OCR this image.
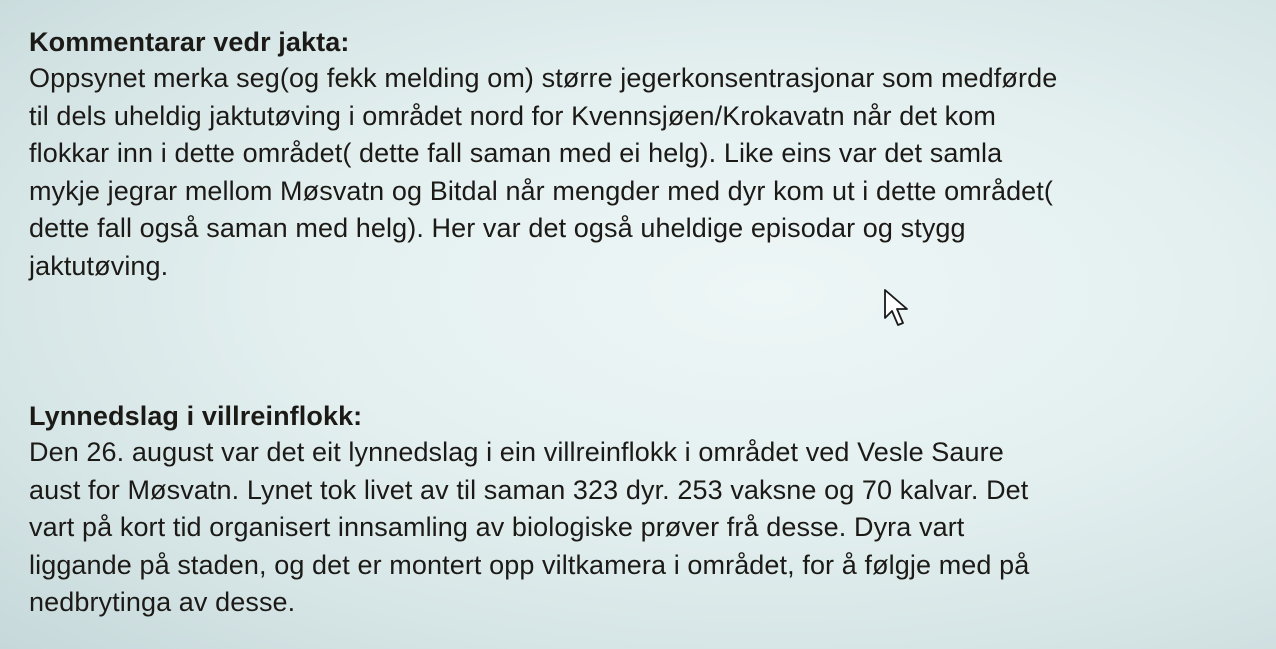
Kommentarar vedr jakta:

Oppsynet merka seg(og fekk melding om) større jegerkonsentrasjonar som medførde

til dels uheldig jaktutøving i området nord for Kvennsjøen/Krokavatn når det kom

flokkar inn i dette området( dette fall saman med ei helg). Like eins var det samla

mykje jegrar mellom Møsvatn og Bitdal når mengder med dyr kom ut i dette området(

dette fall også saman med helg). Her var det også uheldige episodar og stygg

jaktutøving.

Lynnedslag i villreinflokk:

Den 26. august var det eit lynnedslag i ein villreinflokk i området ved Vesle Saure

aust for Møsvatn. Lynet tok livet av til saman 323 dyr. 253 vaksne og 70 kalvar. Det

vart på kort tid organisert innsamling av biologiske prøver frå desse. Dyra vart

liggande på staden, og det er montert opp viltkamera i området, for å følgje med på

nedbrytinga av desse.
